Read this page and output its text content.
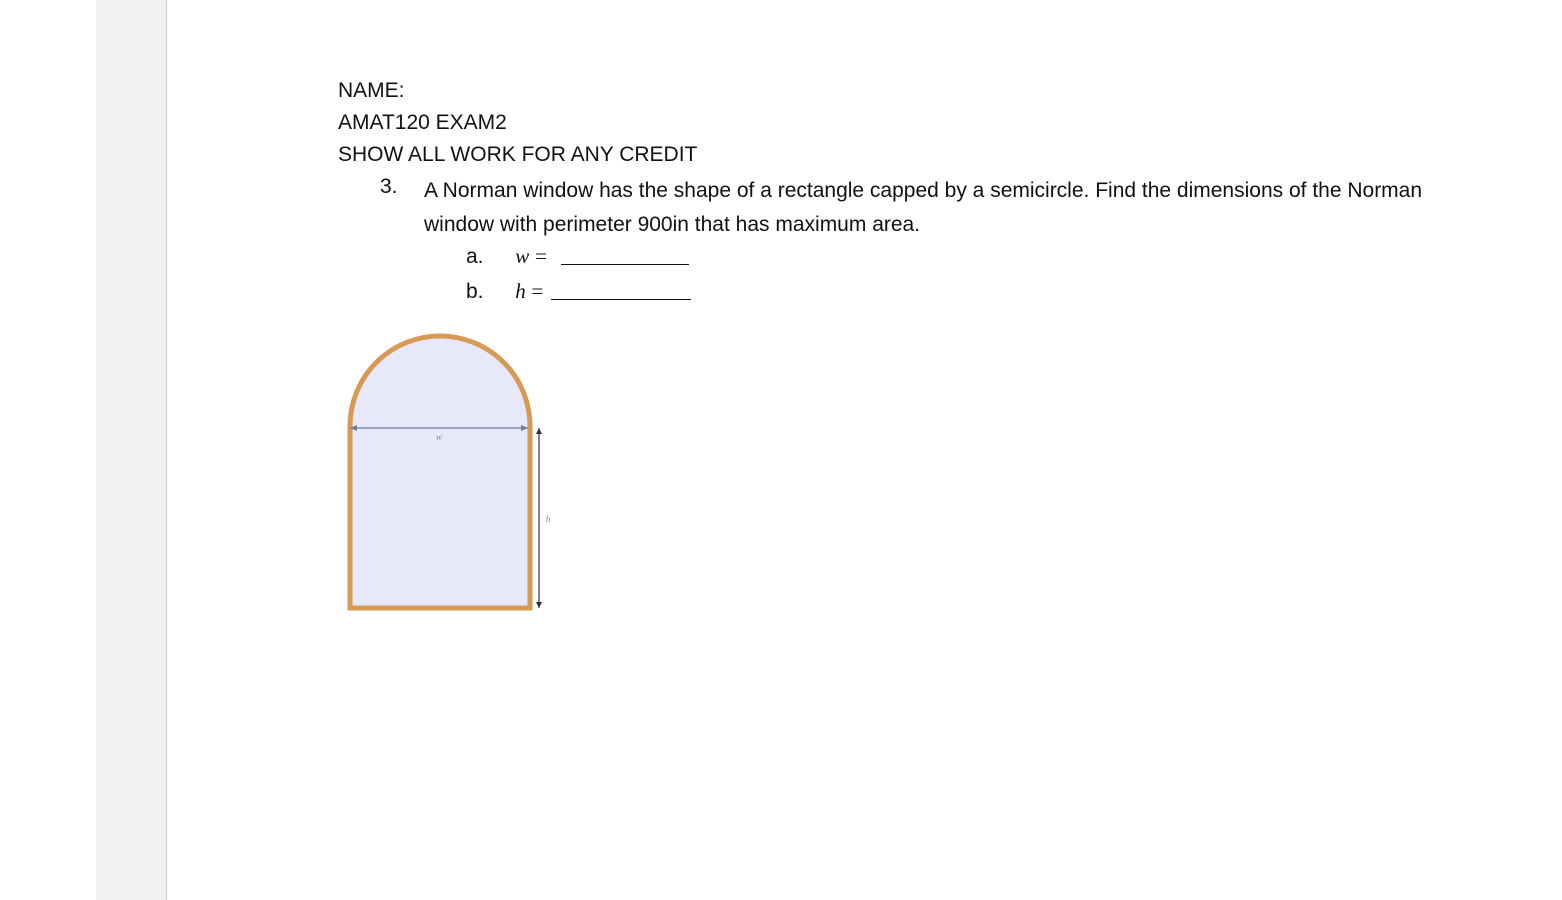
NAME:
AMAT120 EXAM2
SHOW ALL WORK FOR ANY CREDIT
3. A Norman window has the shape of a rectangle capped by a semicircle. Find the dimensions of the Norman window with perimeter 900in that has maximum area.
a. w =
b. h =
w
h
